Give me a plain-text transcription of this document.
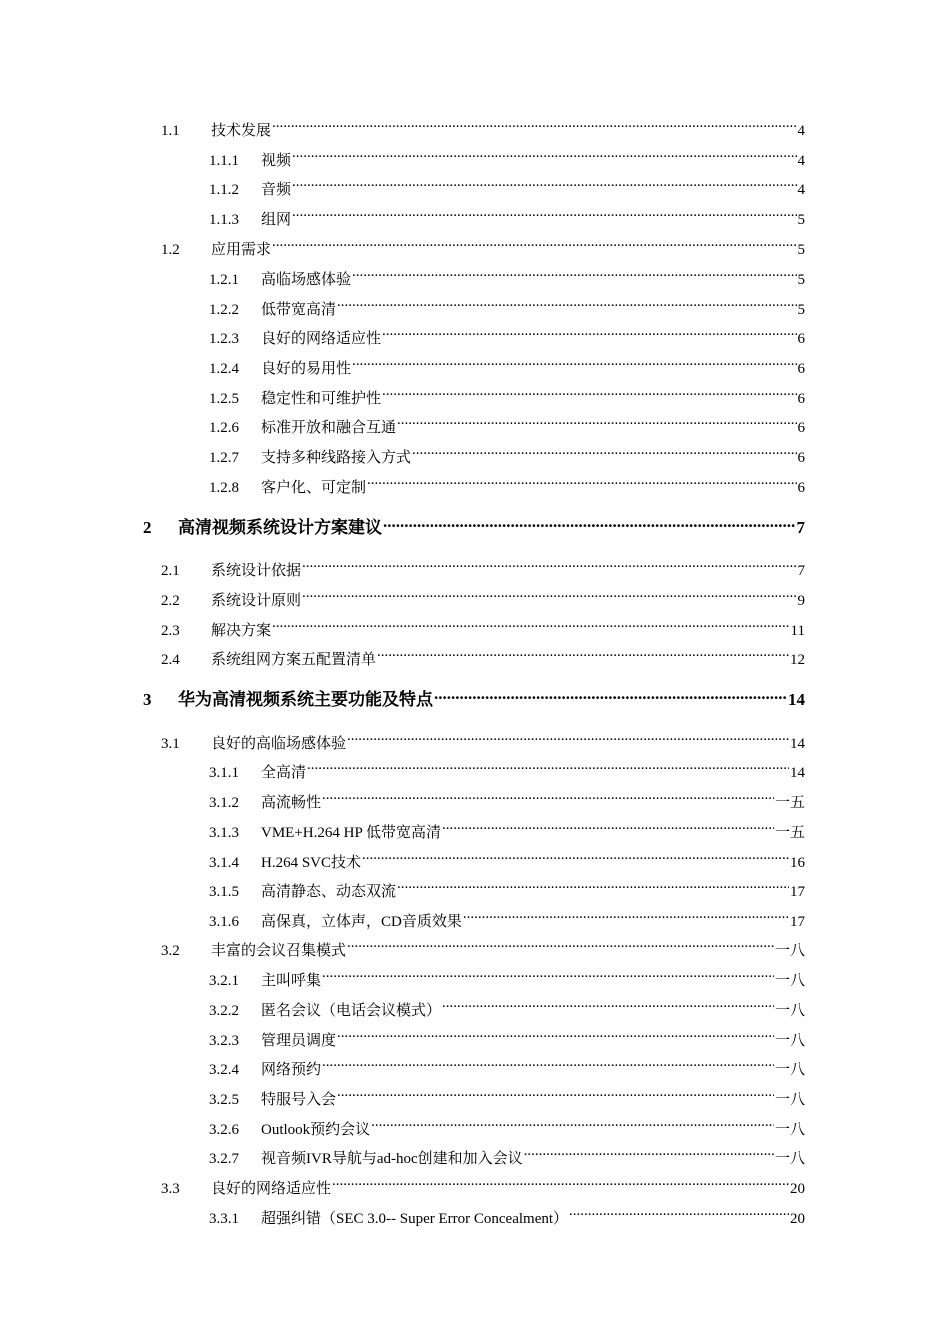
1.1	技术发展 .....	4
1.1.1	视频 .....	4
1.1.2	音频 .....	4
1.1.3	组网 .....	5
1.2	应用需求 .....	5
1.2.1	高临场感体验 .....	5
1.2.2	低带宽高清 .....	5
1.2.3	良好的网络适应性 .....	6
1.2.4	良好的易用性 .....	6
1.2.5	稳定性和可维护性 .....	6
1.2.6	标准开放和融合互通 .....	6
1.2.7	支持多种线路接入方式 .....	6
1.2.8	客户化、可定制 .....	6
2	高清视频系统设计方案建议 .....	7
2.1	系统设计依据 .....	7
2.2	系统设计原则 .....	9
2.3	解决方案 .....	11
2.4	系统组网方案五配置清单 .....	12
3	华为高清视频系统主要功能及特点 .....	14
3.1	良好的高临场感体验 .....	14
3.1.1	全高清 .....	14
3.1.2	高流畅性 .....	一五
3.1.3	VME+H.264 HP 低带宽高清 .....	一五
3.1.4	H.264 SVC技术 .....	16
3.1.5	高清静态、动态双流 .....	17
3.1.6	高保真，立体声，CD音质效果 .....	17
3.2	丰富的会议召集模式 .....	一八
3.2.1	主叫呼集 .....	一八
3.2.2	匿名会议（电话会议模式） .....	一八
3.2.3	管理员调度 .....	一八
3.2.4	网络预约 .....	一八
3.2.5	特服号入会 .....	一八
3.2.6	Outlook预约会议 .....	一八
3.2.7	视音频IVR导航与ad-hoc创建和加入会议 .....	一八
3.3	良好的网络适应性 .....	20
3.3.1	超强纠错（SEC 3.0-- Super Error Concealment） .....	20
